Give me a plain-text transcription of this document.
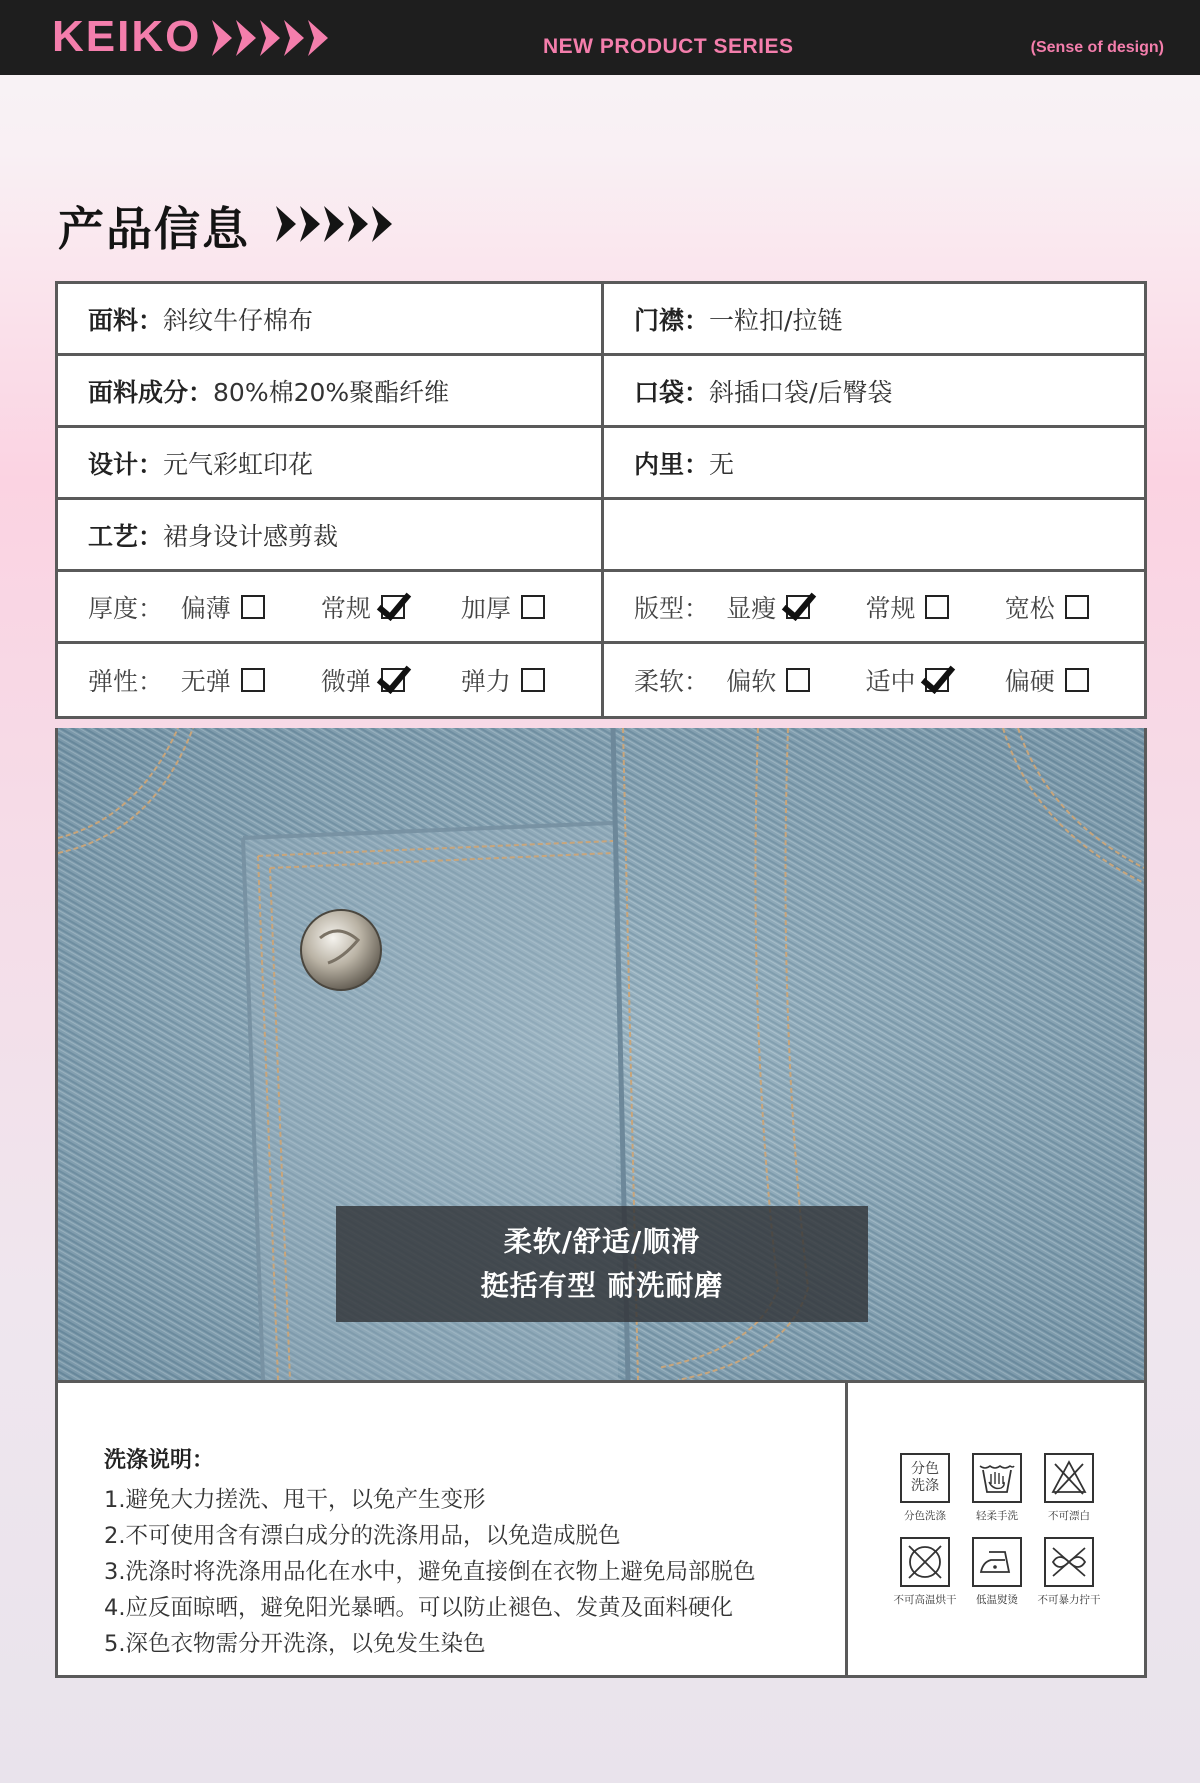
KEIKO	NEW PRODUCT SERIES	(Sense of design)
产品信息
面料： 斜纹牛仔棉布	门襟： 一粒扣/拉链
面料成分： 80%棉20%聚酯纤维	口袋： 斜插口袋/后臀袋
设计： 元气彩虹印花	内里： 无
工艺： 裙身设计感剪裁
厚度： 偏薄	常规	加厚	版型： 显瘦	常规	宽松
弹性： 无弹	微弹	弹力	柔软： 偏软	适中	偏硬
柔软/舒适/顺滑
挺括有型 耐洗耐磨
洗涤说明：
1.避免大力搓洗、甩干，以免产生变形
2.不可使用含有漂白成分的洗涤用品，以免造成脱色
3.洗涤时将洗涤用品化在水中，避免直接倒在衣物上避免局部脱色
4.应反面晾晒，避免阳光暴晒。可以防止褪色、发黄及面料硬化
5.深色衣物需分开洗涤，以免发生染色
分色
洗涤
分色洗涤	轻柔手洗	不可漂白
不可高温烘干	低温熨烫	不可暴力拧干
